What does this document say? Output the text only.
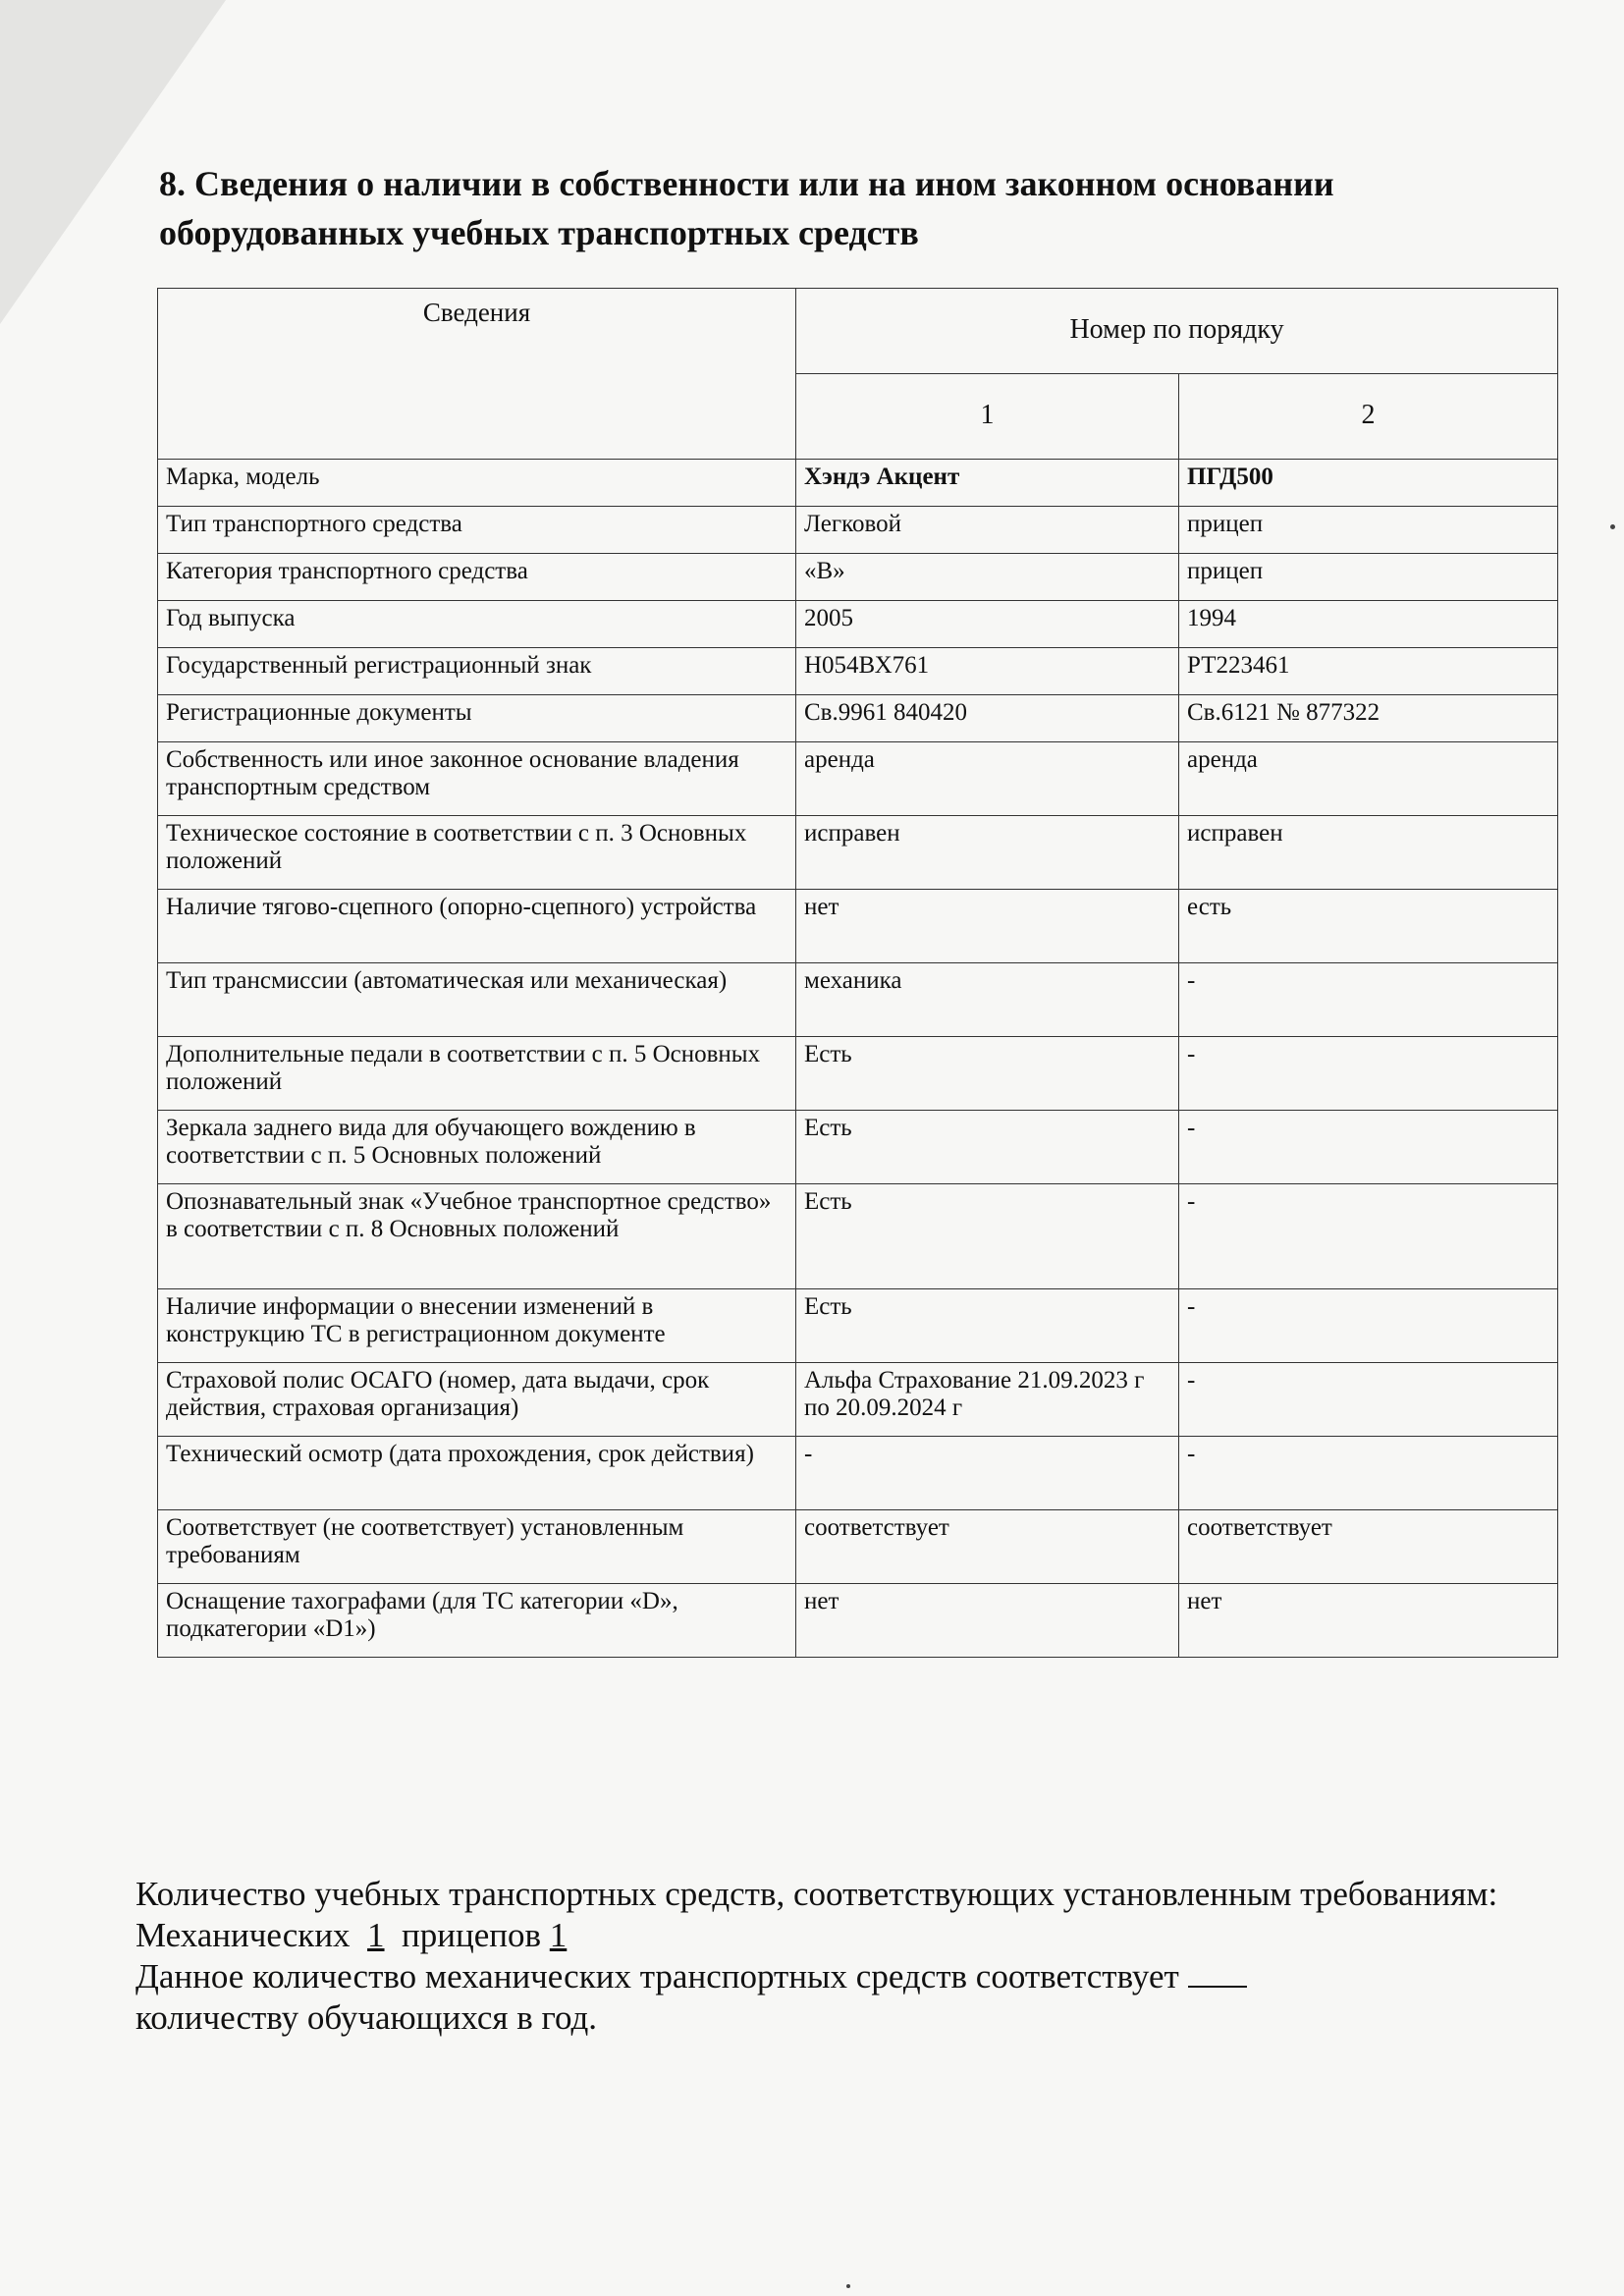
8. Сведения о наличии в собственности или на ином законном основании оборудованных учебных транспортных средств
Сведения	Номер по порядку	
	1	2
Марка, модель	Хэндэ Акцент	ПГД500
Тип транспортного средства	Легковой	прицеп
Категория транспортного средства	«В»	прицеп
Год выпуска	2005	1994
Государственный регистрационный знак	Н054ВХ761	РТ223461
Регистрационные документы	Св.9961 840420	Св.6121 № 877322
Собственность или иное законное основание владения транспортным средством	аренда	аренда
Техническое состояние в соответствии с п. 3 Основных положений	исправен	исправен
Наличие тягово-сцепного (опорно-сцепного) устройства	нет	есть
Тип трансмиссии (автоматическая или механическая)	механика	-
Дополнительные педали в соответствии с п. 5 Основных положений	Есть	-
Зеркала заднего вида для обучающего вождению в соответствии с п. 5 Основных положений	Есть	-
Опознавательный знак «Учебное транспортное средство» в соответствии с п. 8 Основных положений	Есть	-
Наличие информации о внесении изменений в конструкцию ТС в регистрационном документе	Есть	-
Страховой полис ОСАГО (номер, дата выдачи, срок действия, страховая организация)	Альфа Страхование 21.09.2023 г по 20.09.2024 г	-
Технический осмотр (дата прохождения, срок действия)	-	-
Соответствует (не соответствует) установленным требованиям	соответствует	соответствует
Оснащение тахографами (для ТС категории «D», подкатегории «D1»)	нет	нет

Количество учебных транспортных средств, соответствующих установленным требованиям:

Механических 1 прицепов 1

Данное количество механических транспортных средств соответствует

количеству обучающихся в год.
